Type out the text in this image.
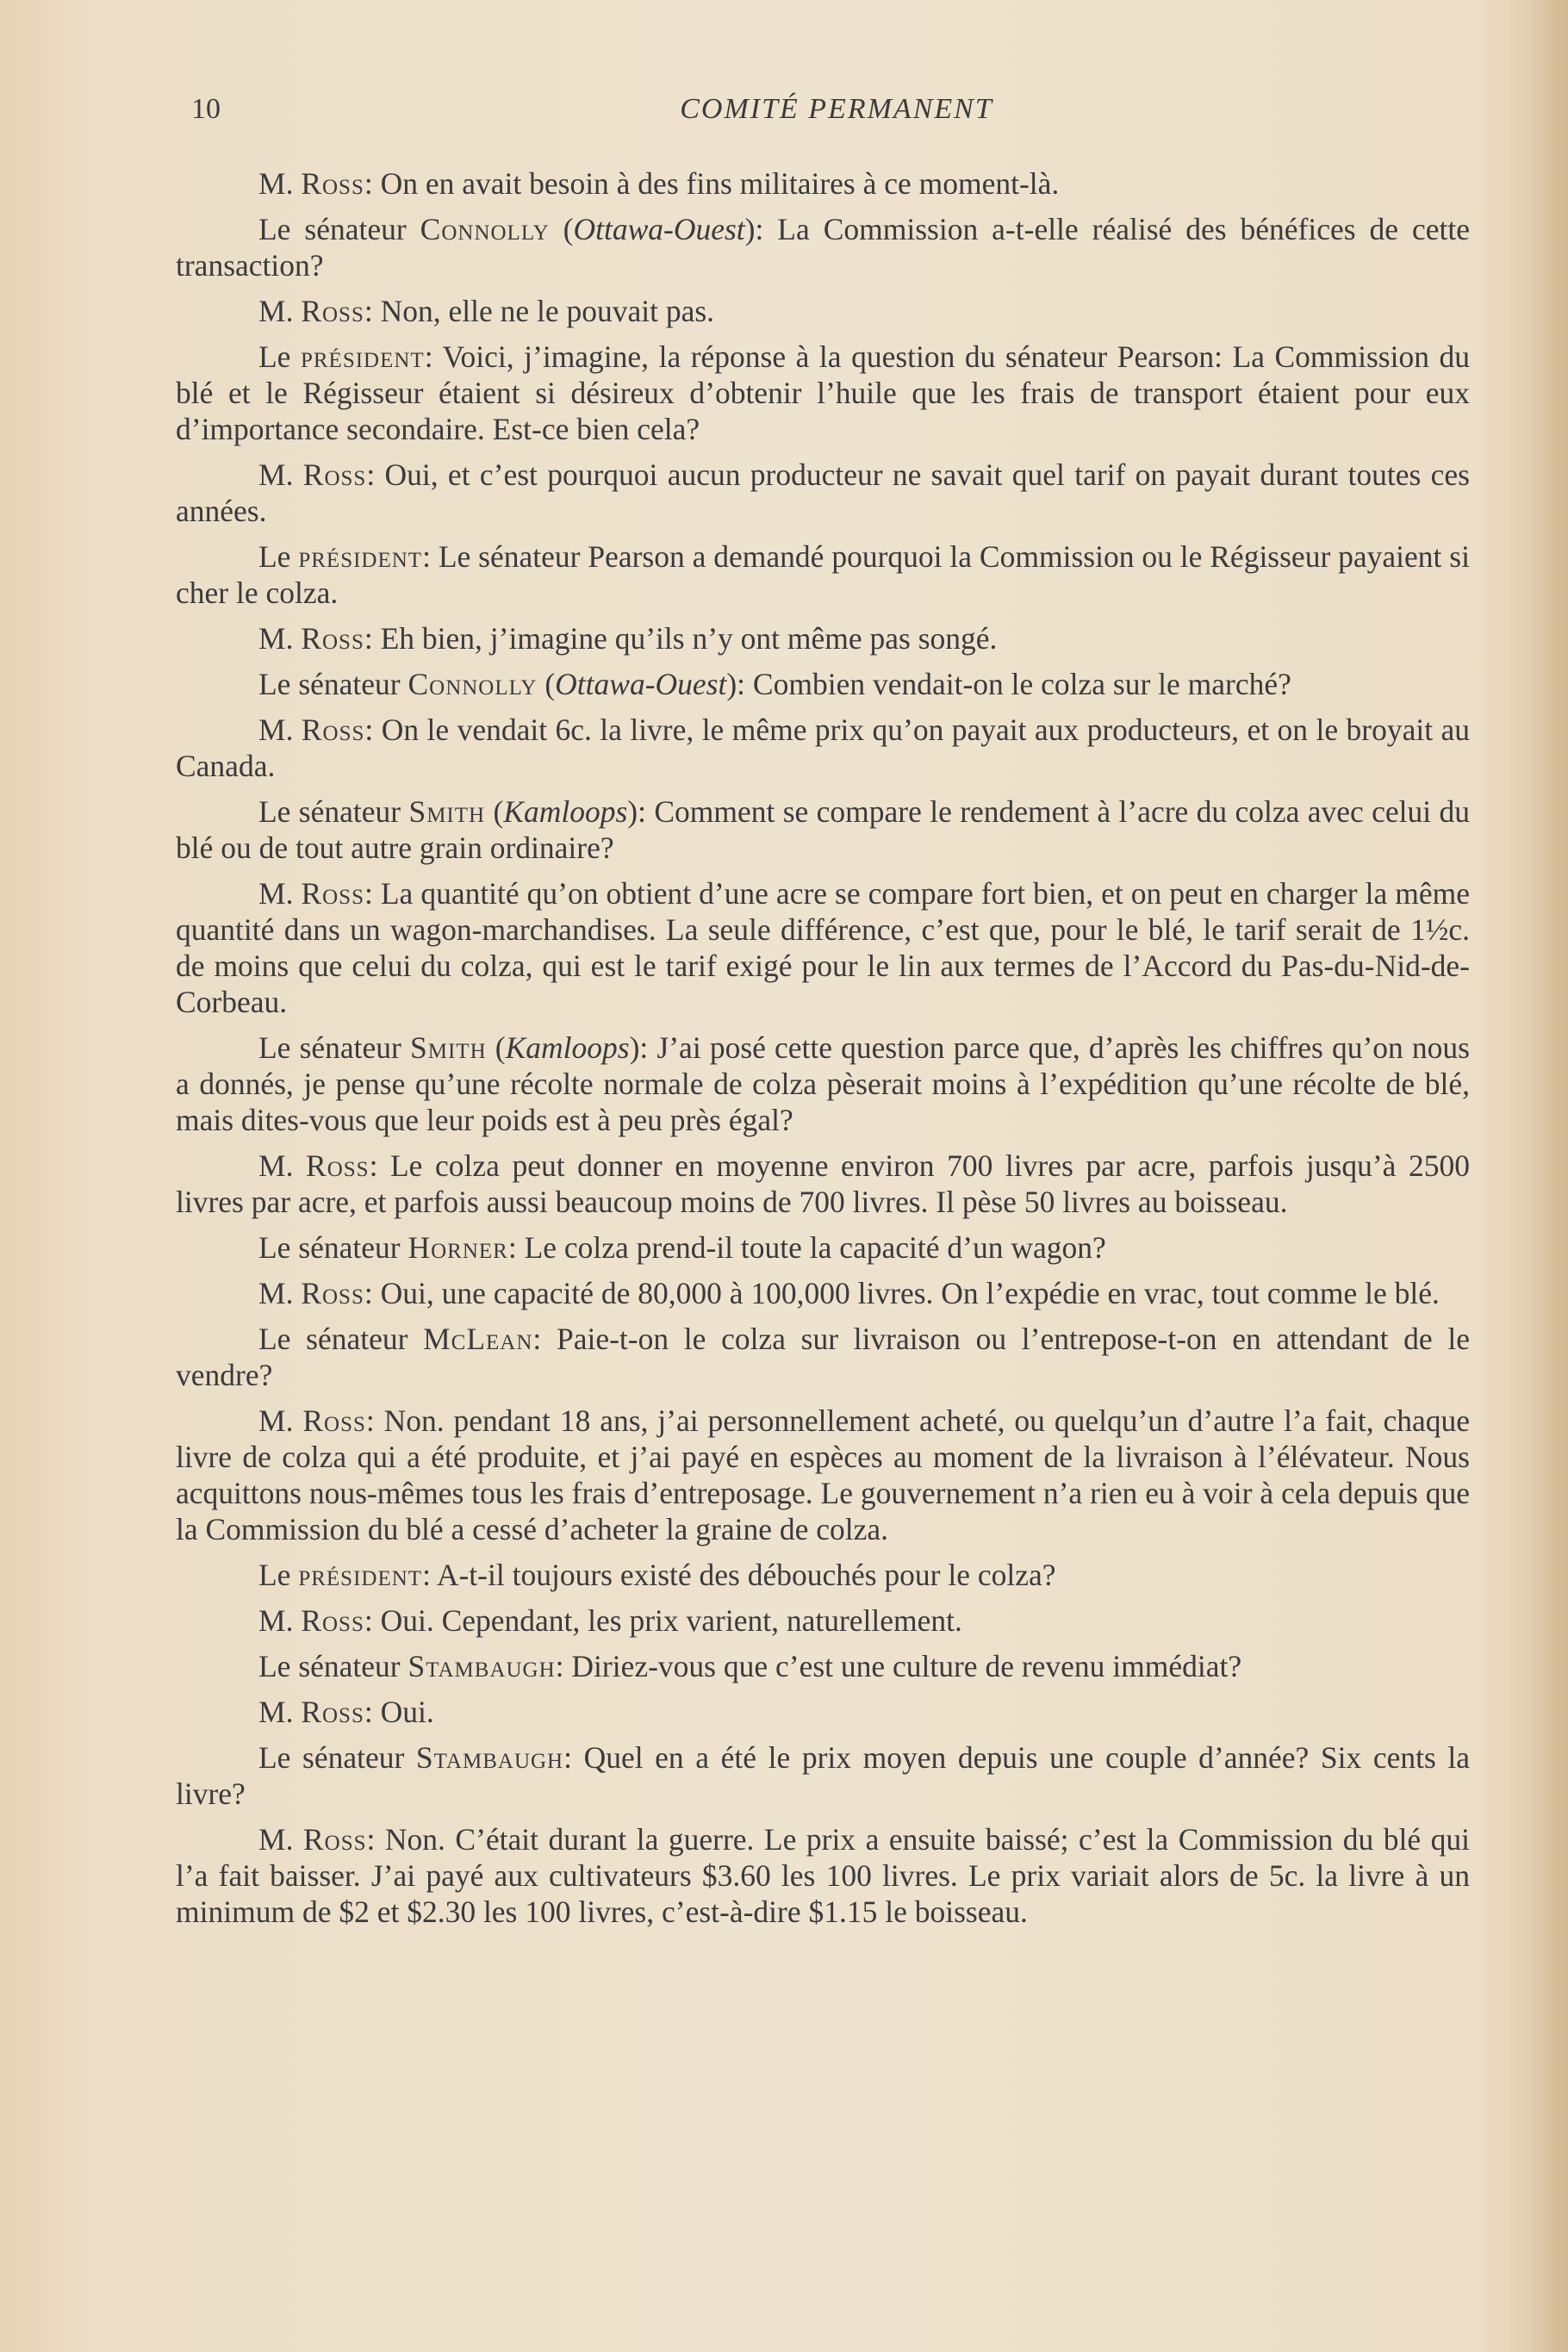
10	COMITÉ PERMANENT

M. Ross: On en avait besoin à des fins militaires à ce moment-là.

Le sénateur Connolly (Ottawa-Ouest): La Commission a-t-elle réalisé des bénéfices de cette transaction?

M. Ross: Non, elle ne le pouvait pas.

Le président: Voici, j’imagine, la réponse à la question du sénateur Pearson: La Commission du blé et le Régisseur étaient si désireux d’obtenir l’huile que les frais de transport étaient pour eux d’importance secondaire. Est-ce bien cela?

M. Ross: Oui, et c’est pourquoi aucun producteur ne savait quel tarif on payait durant toutes ces années.

Le président: Le sénateur Pearson a demandé pourquoi la Commission ou le Régisseur payaient si cher le colza.

M. Ross: Eh bien, j’imagine qu’ils n’y ont même pas songé.

Le sénateur Connolly (Ottawa-Ouest): Combien vendait-on le colza sur le marché?

M. Ross: On le vendait 6c. la livre, le même prix qu’on payait aux producteurs, et on le broyait au Canada.

Le sénateur Smith (Kamloops): Comment se compare le rendement à l’acre du colza avec celui du blé ou de tout autre grain ordinaire?

M. Ross: La quantité qu’on obtient d’une acre se compare fort bien, et on peut en charger la même quantité dans un wagon-marchandises. La seule différence, c’est que, pour le blé, le tarif serait de 1½c. de moins que celui du colza, qui est le tarif exigé pour le lin aux termes de l’Accord du Pas-du-Nid-de-Corbeau.

Le sénateur Smith (Kamloops): J’ai posé cette question parce que, d’après les chiffres qu’on nous a donnés, je pense qu’une récolte normale de colza pèserait moins à l’expédition qu’une récolte de blé, mais dites-vous que leur poids est à peu près égal?

M. Ross: Le colza peut donner en moyenne environ 700 livres par acre, parfois jusqu’à 2500 livres par acre, et parfois aussi beaucoup moins de 700 livres. Il pèse 50 livres au boisseau.

Le sénateur Horner: Le colza prend-il toute la capacité d’un wagon?

M. Ross: Oui, une capacité de 80,000 à 100,000 livres. On l’expédie en vrac, tout comme le blé.

Le sénateur McLean: Paie-t-on le colza sur livraison ou l’entrepose-t-on en attendant de le vendre?

M. Ross: Non. pendant 18 ans, j’ai personnellement acheté, ou quelqu’un d’autre l’a fait, chaque livre de colza qui a été produite, et j’ai payé en espèces au moment de la livraison à l’élévateur. Nous acquittons nous-mêmes tous les frais d’entreposage. Le gouvernement n’a rien eu à voir à cela depuis que la Commission du blé a cessé d’acheter la graine de colza.

Le président: A-t-il toujours existé des débouchés pour le colza?

M. Ross: Oui. Cependant, les prix varient, naturellement.

Le sénateur Stambaugh: Diriez-vous que c’est une culture de revenu immédiat?

M. Ross: Oui.

Le sénateur Stambaugh: Quel en a été le prix moyen depuis une couple d’année? Six cents la livre?

M. Ross: Non. C’était durant la guerre. Le prix a ensuite baissé; c’est la Commission du blé qui l’a fait baisser. J’ai payé aux cultivateurs $3.60 les 100 livres. Le prix variait alors de 5c. la livre à un minimum de $2 et $2.30 les 100 livres, c’est-à-dire $1.15 le boisseau.
